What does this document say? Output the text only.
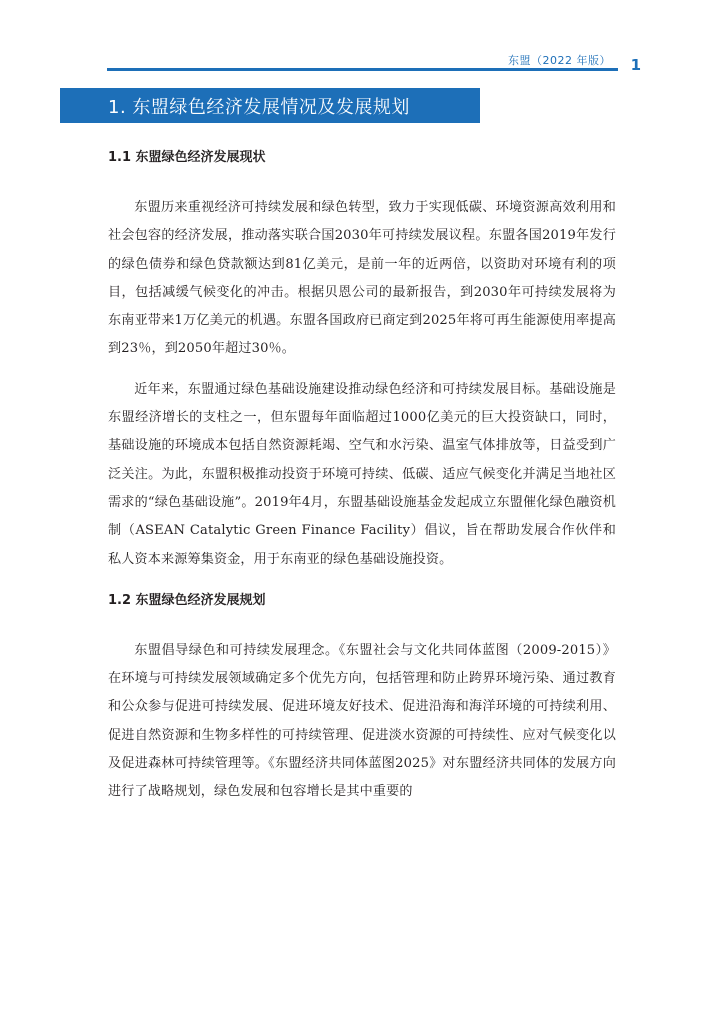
东盟（2022 年版） 1
1. 东盟绿色经济发展情况及发展规划
1.1 东盟绿色经济发展现状

东盟历来重视经济可持续发展和绿色转型，致力于实现低碳、环境资源高效利用和社会包容的经济发展，推动落实联合国2030年可持续发展议程。东盟各国2019年发行的绿色债券和绿色贷款额达到81亿美元，是前一年的近两倍，以资助对环境有利的项目，包括减缓气候变化的冲击。根据贝恩公司的最新报告，到2030年可持续发展将为东南亚带来1万亿美元的机遇。东盟各国政府已商定到2025年将可再生能源使用率提高到23％，到2050年超过30％。

近年来，东盟通过绿色基础设施建设推动绿色经济和可持续发展目标。基础设施是东盟经济增长的支柱之一，但东盟每年面临超过1000亿美元的巨大投资缺口，同时，基础设施的环境成本包括自然资源耗竭、空气和水污染、温室气体排放等，日益受到广泛关注。为此，东盟积极推动投资于环境可持续、低碳、适应气候变化并满足当地社区需求的“绿色基础设施”。2019年4月，东盟基础设施基金发起成立东盟催化绿色融资机制（ASEAN Catalytic Green Finance Facility）倡议，旨在帮助发展合作伙伴和私人资本来源筹集资金，用于东南亚的绿色基础设施投资。

1.2 东盟绿色经济发展规划

东盟倡导绿色和可持续发展理念。《东盟社会与文化共同体蓝图（2009-2015）》在环境与可持续发展领域确定多个优先方向，包括管理和防止跨界环境污染、通过教育和公众参与促进可持续发展、促进环境友好技术、促进沿海和海洋环境的可持续利用、促进自然资源和生物多样性的可持续管理、促进淡水资源的可持续性、应对气候变化以及促进森林可持续管理等。《东盟经济共同体蓝图2025》对东盟经济共同体的发展方向进行了战略规划，绿色发展和包容增长是其中重要的
